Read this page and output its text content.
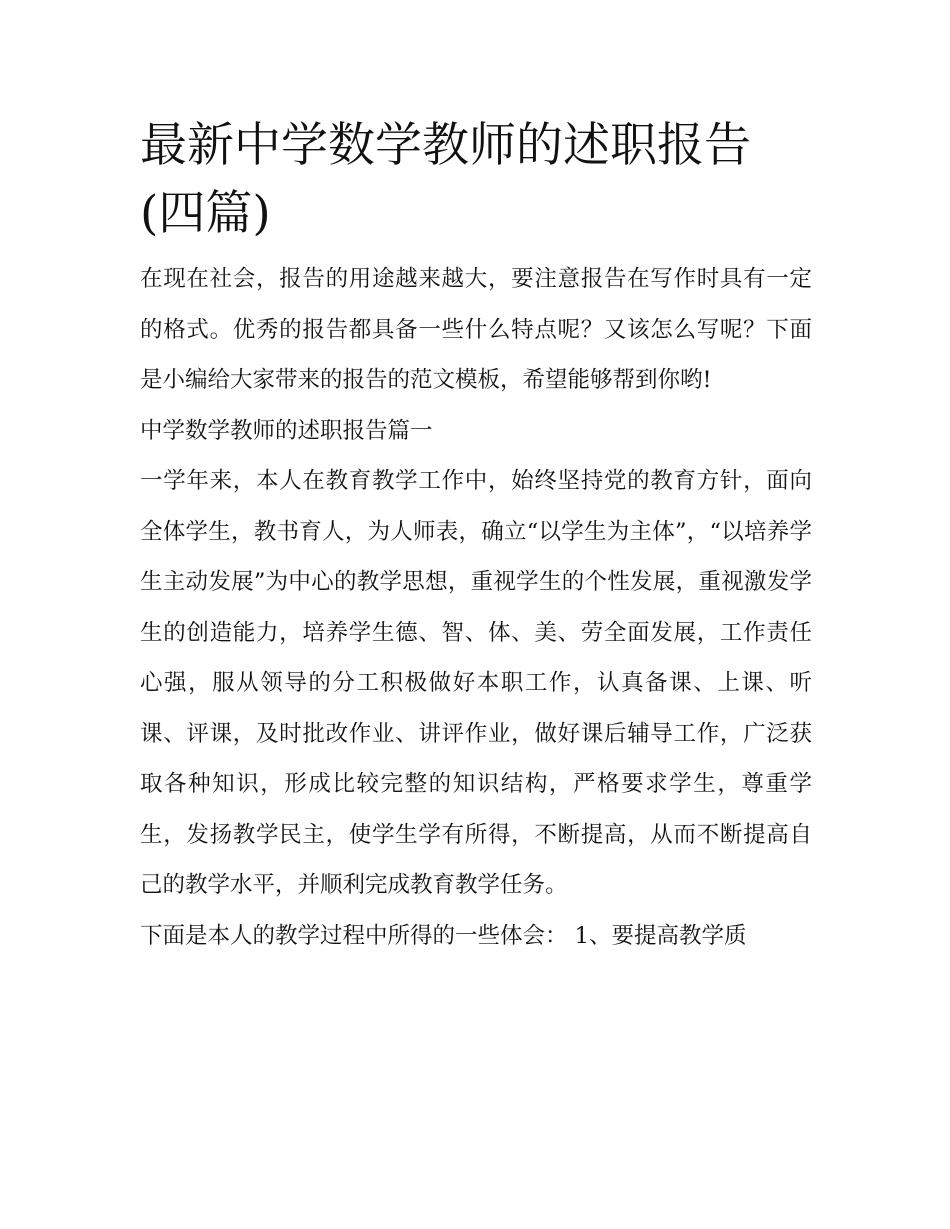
最新中学数学教师的述职报告(四篇)

在现在社会，报告的用途越来越大，要注意报告在写作时具有一定的格式。优秀的报告都具备一些什么特点呢？又该怎么写呢？下面是小编给大家带来的报告的范文模板，希望能够帮到你哟!

中学数学教师的述职报告篇一

一学年来，本人在教育教学工作中，始终坚持党的教育方针，面向全体学生，教书育人，为人师表，确立“以学生为主体”，“以培养学生主动发展”为中心的教学思想，重视学生的个性发展，重视激发学生的创造能力，培养学生德、智、体、美、劳全面发展，工作责任心强，服从领导的分工积极做好本职工作，认真备课、上课、听课、评课，及时批改作业、讲评作业，做好课后辅导工作，广泛获取各种知识，形成比较完整的知识结构，严格要求学生，尊重学生，发扬教学民主，使学生学有所得，不断提高，从而不断提高自己的教学水平，并顺利完成教育教学任务。

下面是本人的教学过程中所得的一些体会： 1、要提高教学质
